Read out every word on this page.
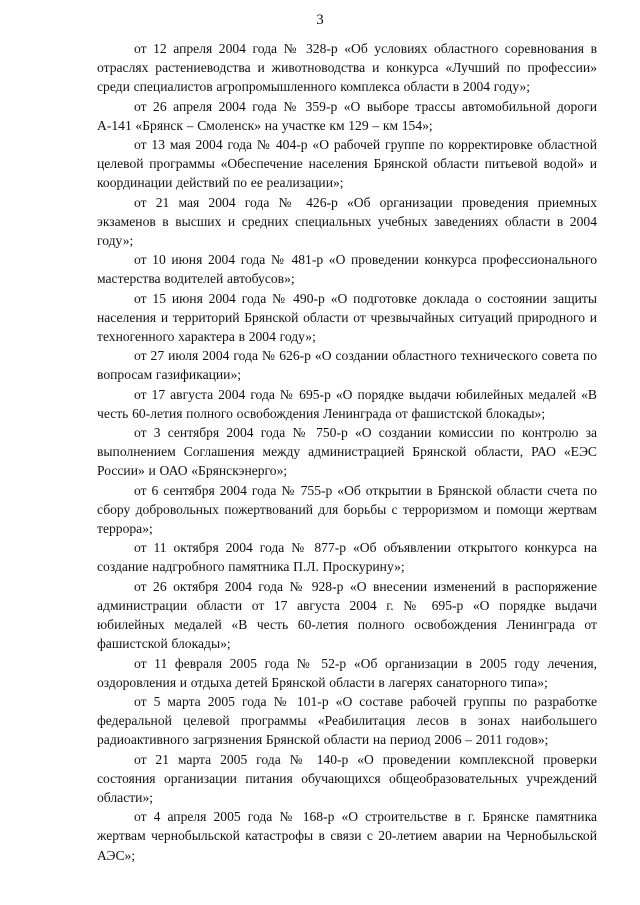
3

от 12 апреля 2004 года № 328-р «Об условиях областного соревнования в отраслях растениеводства и животноводства и конкурса «Лучший по профессии» среди специалистов агропромышленного комплекса области в 2004 году»;

от 26 апреля 2004 года № 359-р «О выборе трассы автомобильной дороги А-141 «Брянск – Смоленск» на участке км 129 – км 154»;

от 13 мая 2004 года № 404-р «О рабочей группе по корректировке областной целевой программы «Обеспечение населения Брянской области питьевой водой» и координации действий по ее реализации»;

от 21 мая 2004 года № 426-р «Об организации проведения приемных экзаменов в высших и средних специальных учебных заведениях области в 2004 году»;

от 10 июня 2004 года № 481-р «О проведении конкурса профессионального мастерства водителей автобусов»;

от 15 июня 2004 года № 490-р «О подготовке доклада о состоянии защиты населения и территорий Брянской области от чрезвычайных ситуаций природного и техногенного характера в 2004 году»;

от 27 июля 2004 года № 626-р «О создании областного технического совета по вопросам газификации»;

от 17 августа 2004 года № 695-р «О порядке выдачи юбилейных медалей «В честь 60-летия полного освобождения Ленинграда от фашистской блокады»;

от 3 сентября 2004 года № 750-р «О создании комиссии по контролю за выполнением Соглашения между администрацией Брянской области, РАО «ЕЭС России» и ОАО «Брянскэнерго»;

от 6 сентября 2004 года № 755-р «Об открытии в Брянской области счета по сбору добровольных пожертвований для борьбы с терроризмом и помощи жертвам террора»;

от 11 октября 2004 года № 877-р «Об объявлении открытого конкурса на создание надгробного памятника П.Л. Проскурину»;

от 26 октября 2004 года № 928-р «О внесении изменений в распоряжение администрации области от 17 августа 2004 г. № 695-р «О порядке выдачи юбилейных медалей «В честь 60-летия полного освобождения Ленинграда от фашистской блокады»;

от 11 февраля 2005 года № 52-р «Об организации в 2005 году лечения, оздоровления и отдыха детей Брянской области в лагерях санаторного типа»;

от 5 марта 2005 года № 101-р «О составе рабочей группы по разработке федеральной целевой программы «Реабилитация лесов в зонах наибольшего радиоактивного загрязнения Брянской области на период 2006 – 2011 годов»;

от 21 марта 2005 года № 140-р «О проведении комплексной проверки состояния организации питания обучающихся общеобразовательных учреждений области»;

от 4 апреля 2005 года № 168-р «О строительстве в г. Брянске памятника жертвам чернобыльской катастрофы в связи с 20-летием аварии на Чернобыльской АЭС»;
